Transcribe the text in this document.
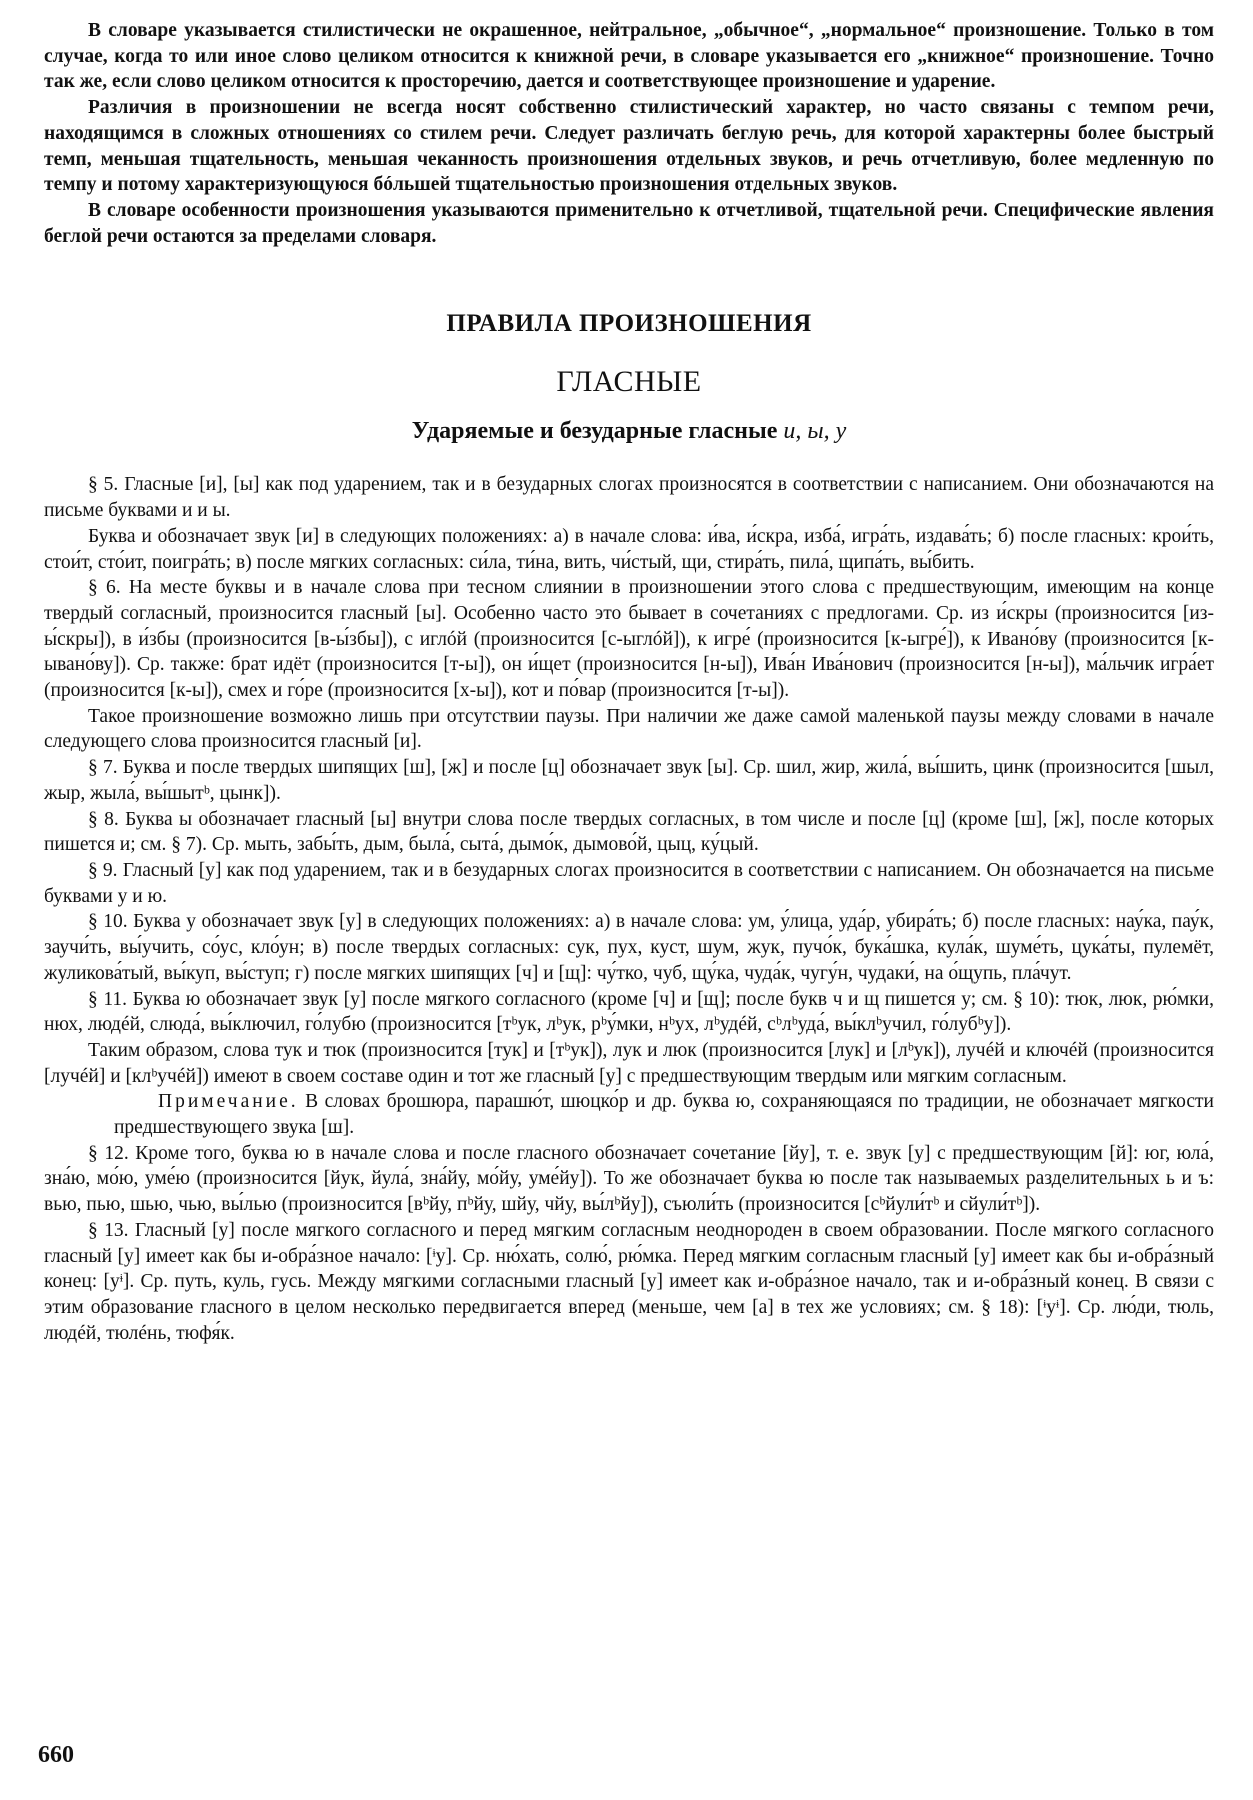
В словаре указывается стилистически не окрашенное, нейтральное, „обычное“, „нормальное“ произношение. Только в том случае, когда то или иное слово целиком относится к книжной речи, в словаре указывается его „книжное“ произношение. Точно так же, если слово целиком относится к просторечию, дается и соответствующее произношение и ударение.

Различия в произношении не всегда носят собственно стилистический характер, но часто связаны с темпом речи, находящимся в сложных отношениях со стилем речи. Следует различать беглую речь, для которой характерны более быстрый темп, меньшая тщательность, меньшая чеканность произношения отдельных звуков, и речь отчетливую, более медленную по темпу и потому характеризующуюся бóльшей тщательностью произношения отдельных звуков.

В словаре особенности произношения указываются применительно к отчетливой, тщательной речи. Специфические явления беглой речи остаются за пределами словаря.

ПРАВИЛА ПРОИЗНОШЕНИЯ
ГЛАСНЫЕ
Ударяемые и безударные гласные и, ы, у

§ 5. Гласные [и], [ы] как под ударением, так и в безударных слогах произносятся в соответствии с написанием. Они обозначаются на письме буквами и и ы.

Буква и обозначает звук [и] в следующих положениях: а) в начале слова: и́ва, и́скра, изба́, игра́ть, издава́ть; б) после гласных: крои́ть, стои́т, сто́ит, поигра́ть; в) после мягких согласных: си́ла, ти́на, вить, чи́стый, щи, стира́ть, пила́, щипа́ть, вы́бить.

§ 6. На месте буквы и в начале слова при тесном слиянии в произношении этого слова с предшествующим, имеющим на конце твердый согласный, произносится гласный [ы]. Особенно часто это бывает в сочетаниях с предлогами. Ср. из и́скры (произносится [из-ы́скры]), в и́збы (произносится [в-ы́збы]), с иглóй (произносится [с-ыглóй]), к игре́ (произносится [к-ыгре́]), к Ивано́ву (произносится [к-ывано́ву]). Ср. также: брат идёт (произносится [т-ы]), он и́щет (произносится [н-ы]), Ива́н Ива́нович (произносится [н-ы]), ма́льчик игра́ет (произносится [к-ы]), смех и го́ре (произносится [х-ы]), кот и по́вар (произносится [т-ы]).

Такое произношение возможно лишь при отсутствии паузы. При наличии же даже самой маленькой паузы между словами в начале следующего слова произносится гласный [и].

§ 7. Буква и после твердых шипящих [ш], [ж] и после [ц] обозначает звук [ы]. Ср. шил, жир, жила́, вы́шить, цинк (произносится [шыл, жыр, жыла́, вы́шытᵇ, цынк]).

§ 8. Буква ы обозначает гласный [ы] внутри слова после твердых согласных, в том числе и после [ц] (кроме [ш], [ж], после которых пишется и; см. § 7). Ср. мыть, забы́ть, дым, была́, сыта́, дымо́к, дымово́й, цыц, ку́цый.

§ 9. Гласный [у] как под ударением, так и в безударных слогах произносится в соответствии с написанием. Он обозначается на письме буквами у и ю.

§ 10. Буква у обозначает звук [у] в следующих положениях: а) в начале слова: ум, у́лица, уда́р, убира́ть; б) после гласных: нау́ка, пау́к, заучи́ть, вы́учить, со́ус, кло́ун; в) после твердых согласных: сук, пух, куст, шум, жук, пучо́к, бука́шка, кула́к, шуме́ть, цука́ты, пулемёт, жуликова́тый, вы́куп, вы́ступ; г) после мягких шипящих [ч] и [щ]: чу́тко, чуб, щу́ка, чуда́к, чугу́н, чудаки́, на о́щупь, пла́чут.

§ 11. Буква ю обозначает звук [у] после мягкого согласного (кроме [ч] и [щ]; после букв ч и щ пишется у; см. § 10): тюк, люк, рю́мки, нюх, людéй, слюда́, вы́ключил, го́лубю (произносится [тᵇук, лᵇук, рᵇу́мки, нᵇух, лᵇудéй, сᵇлᵇуда́, вы́клᵇучил, го́лубᵇу]).

Таким образом, слова тук и тюк (произносится [тук] и [тᵇук]), лук и люк (произносится [лук] и [лᵇук]), лучéй и ключéй (произносится [лучéй] и [клᵇучéй]) имеют в своем составе один и тот же гласный [у] с предшествующим твердым или мягким согласным.

Примечание. В словах брошюра, парашю́т, шюцко́р и др. буква ю, сохраняющаяся по традиции, не обозначает мягкости предшествующего звука [ш].

§ 12. Кроме того, буква ю в начале слова и после гласного обозначает сочетание [йу], т. е. звук [у] с предшествующим [й]: юг, юла́, зна́ю, мо́ю, уме́ю (произносится [йук, йула́, зна́йу, мо́йу, уме́йу]). То же обозначает буква ю после так называемых разделительных ь и ъ: вью, пью, шью, чью, вы́лью (произносится [вᵇйу, пᵇйу, шйу, чйу, вы́лᵇйу]), съюли́ть (произносится [сᵇйули́тᵇ и сйули́тᵇ]).

§ 13. Гласный [у] после мягкого согласного и перед мягким согласным неоднороден в своем образовании. После мягкого согласного гласный [у] имеет как бы и-обра́зное начало: [ᶤу]. Ср. ню́хать, солю́, рю́мка. Перед мягким согласным гласный [у] имеет как бы и-обра́зный конец: [уᶤ]. Ср. путь, куль, гусь. Между мягкими согласными гласный [у] имеет как и-обра́зное начало, так и и-обра́зный конец. В связи с этим образование гласного в целом несколько передвигается вперед (меньше, чем [а] в тех же условиях; см. § 18): [ᶤуᶤ]. Ср. лю́ди, тюль, людéй, тюлéнь, тюфя́к.

660
